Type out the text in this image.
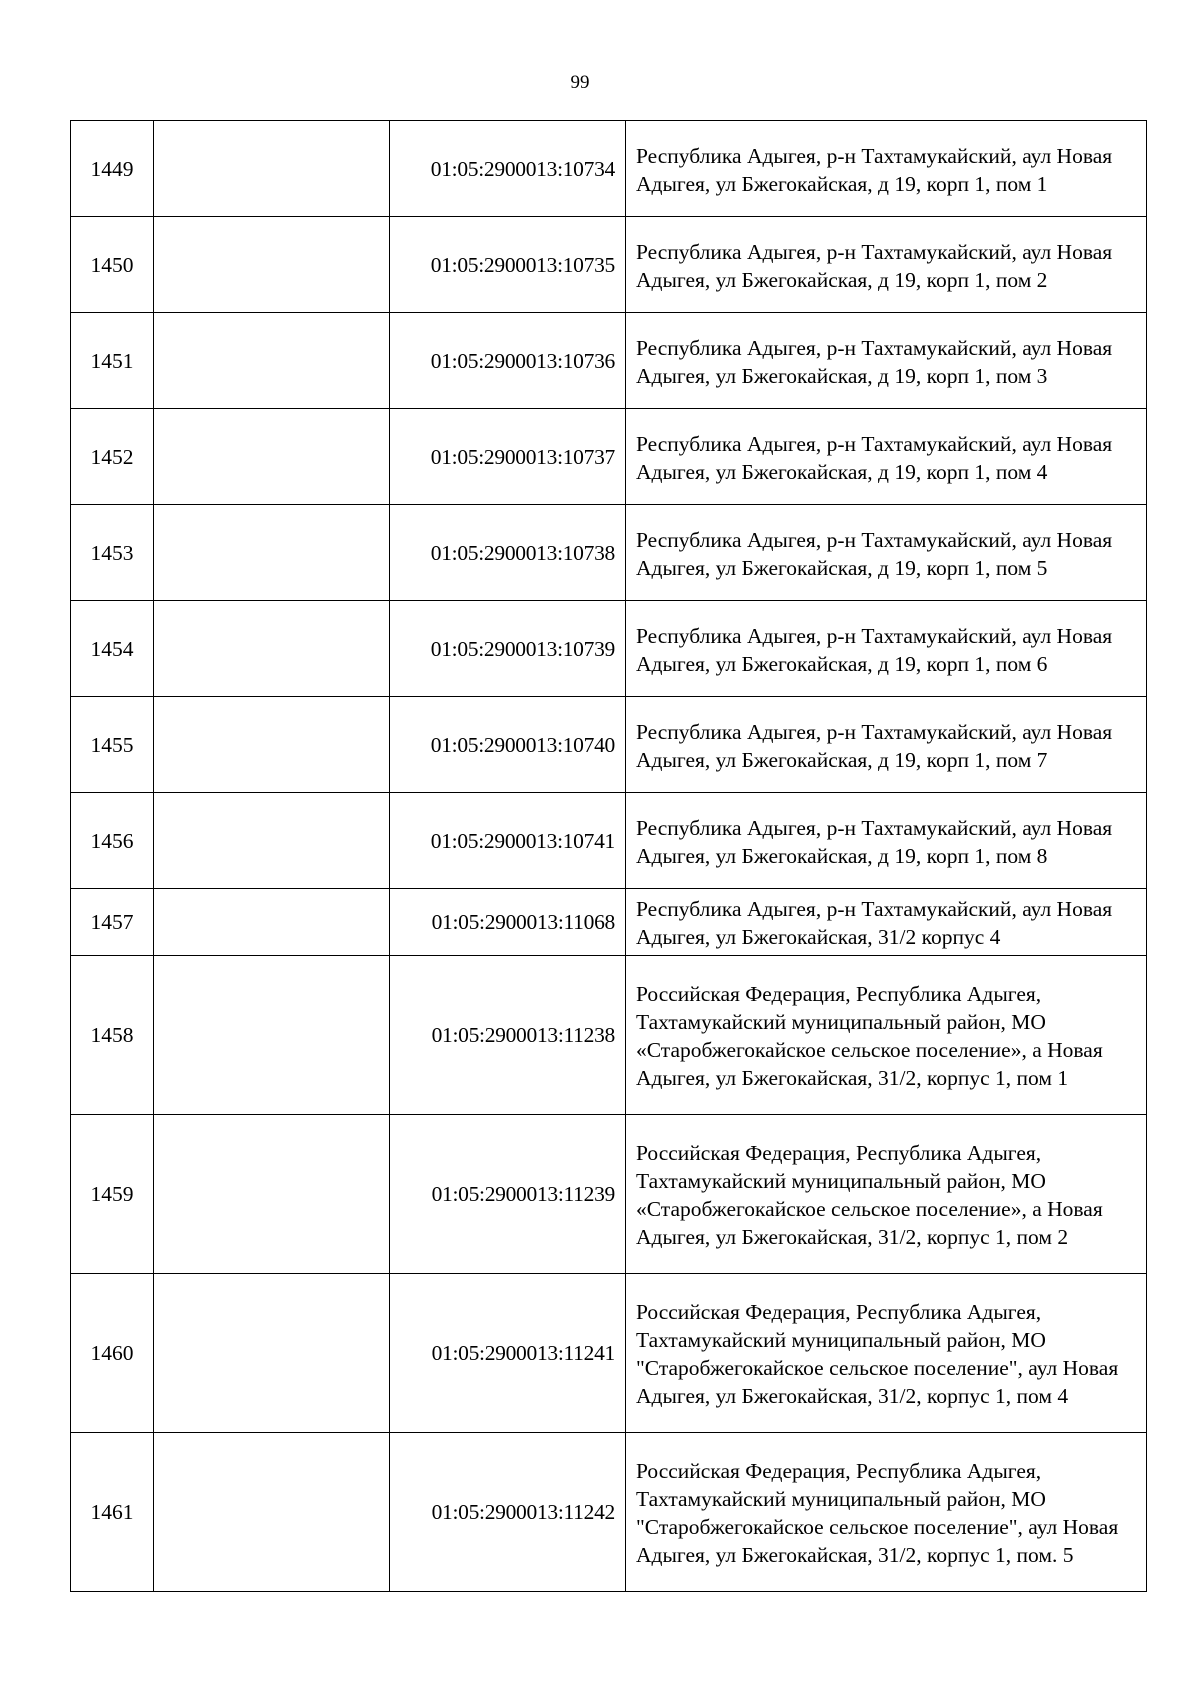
99
1449		01:05:2900013:10734	Республика Адыгея, р-н Тахтамукайский, аул Новая Адыгея, ул Бжегокайская, д 19, корп 1, пом 1
1450		01:05:2900013:10735	Республика Адыгея, р-н Тахтамукайский, аул Новая Адыгея, ул Бжегокайская, д 19, корп 1, пом 2
1451		01:05:2900013:10736	Республика Адыгея, р-н Тахтамукайский, аул Новая Адыгея, ул Бжегокайская, д 19, корп 1, пом 3
1452		01:05:2900013:10737	Республика Адыгея, р-н Тахтамукайский, аул Новая Адыгея, ул Бжегокайская, д 19, корп 1, пом 4
1453		01:05:2900013:10738	Республика Адыгея, р-н Тахтамукайский, аул Новая Адыгея, ул Бжегокайская, д 19, корп 1, пом 5
1454		01:05:2900013:10739	Республика Адыгея, р-н Тахтамукайский, аул Новая Адыгея, ул Бжегокайская, д 19, корп 1, пом 6
1455		01:05:2900013:10740	Республика Адыгея, р-н Тахтамукайский, аул Новая Адыгея, ул Бжегокайская, д 19, корп 1, пом 7
1456		01:05:2900013:10741	Республика Адыгея, р-н Тахтамукайский, аул Новая Адыгея, ул Бжегокайская, д 19, корп 1, пом 8
1457		01:05:2900013:11068	Республика Адыгея, р-н Тахтамукайский, аул Новая Адыгея, ул Бжегокайская, 31/2 корпус 4
1458		01:05:2900013:11238	Российская Федерация, Республика Адыгея, Тахтамукайский муниципальный район, МО «Старобжегокайское сельское поселение», а Новая Адыгея, ул Бжегокайская, 31/2, корпус 1, пом 1
1459		01:05:2900013:11239	Российская Федерация, Республика Адыгея, Тахтамукайский муниципальный район, МО «Старобжегокайское сельское поселение», а Новая Адыгея, ул Бжегокайская, 31/2, корпус 1, пом 2
1460		01:05:2900013:11241	Российская Федерация, Республика Адыгея, Тахтамукайский муниципальный район, МО "Старобжегокайское сельское поселение", аул Новая Адыгея, ул Бжегокайская, 31/2, корпус 1, пом 4
1461		01:05:2900013:11242	Российская Федерация, Республика Адыгея, Тахтамукайский муниципальный район, МО "Старобжегокайское сельское поселение", аул Новая Адыгея, ул Бжегокайская, 31/2, корпус 1, пом. 5
